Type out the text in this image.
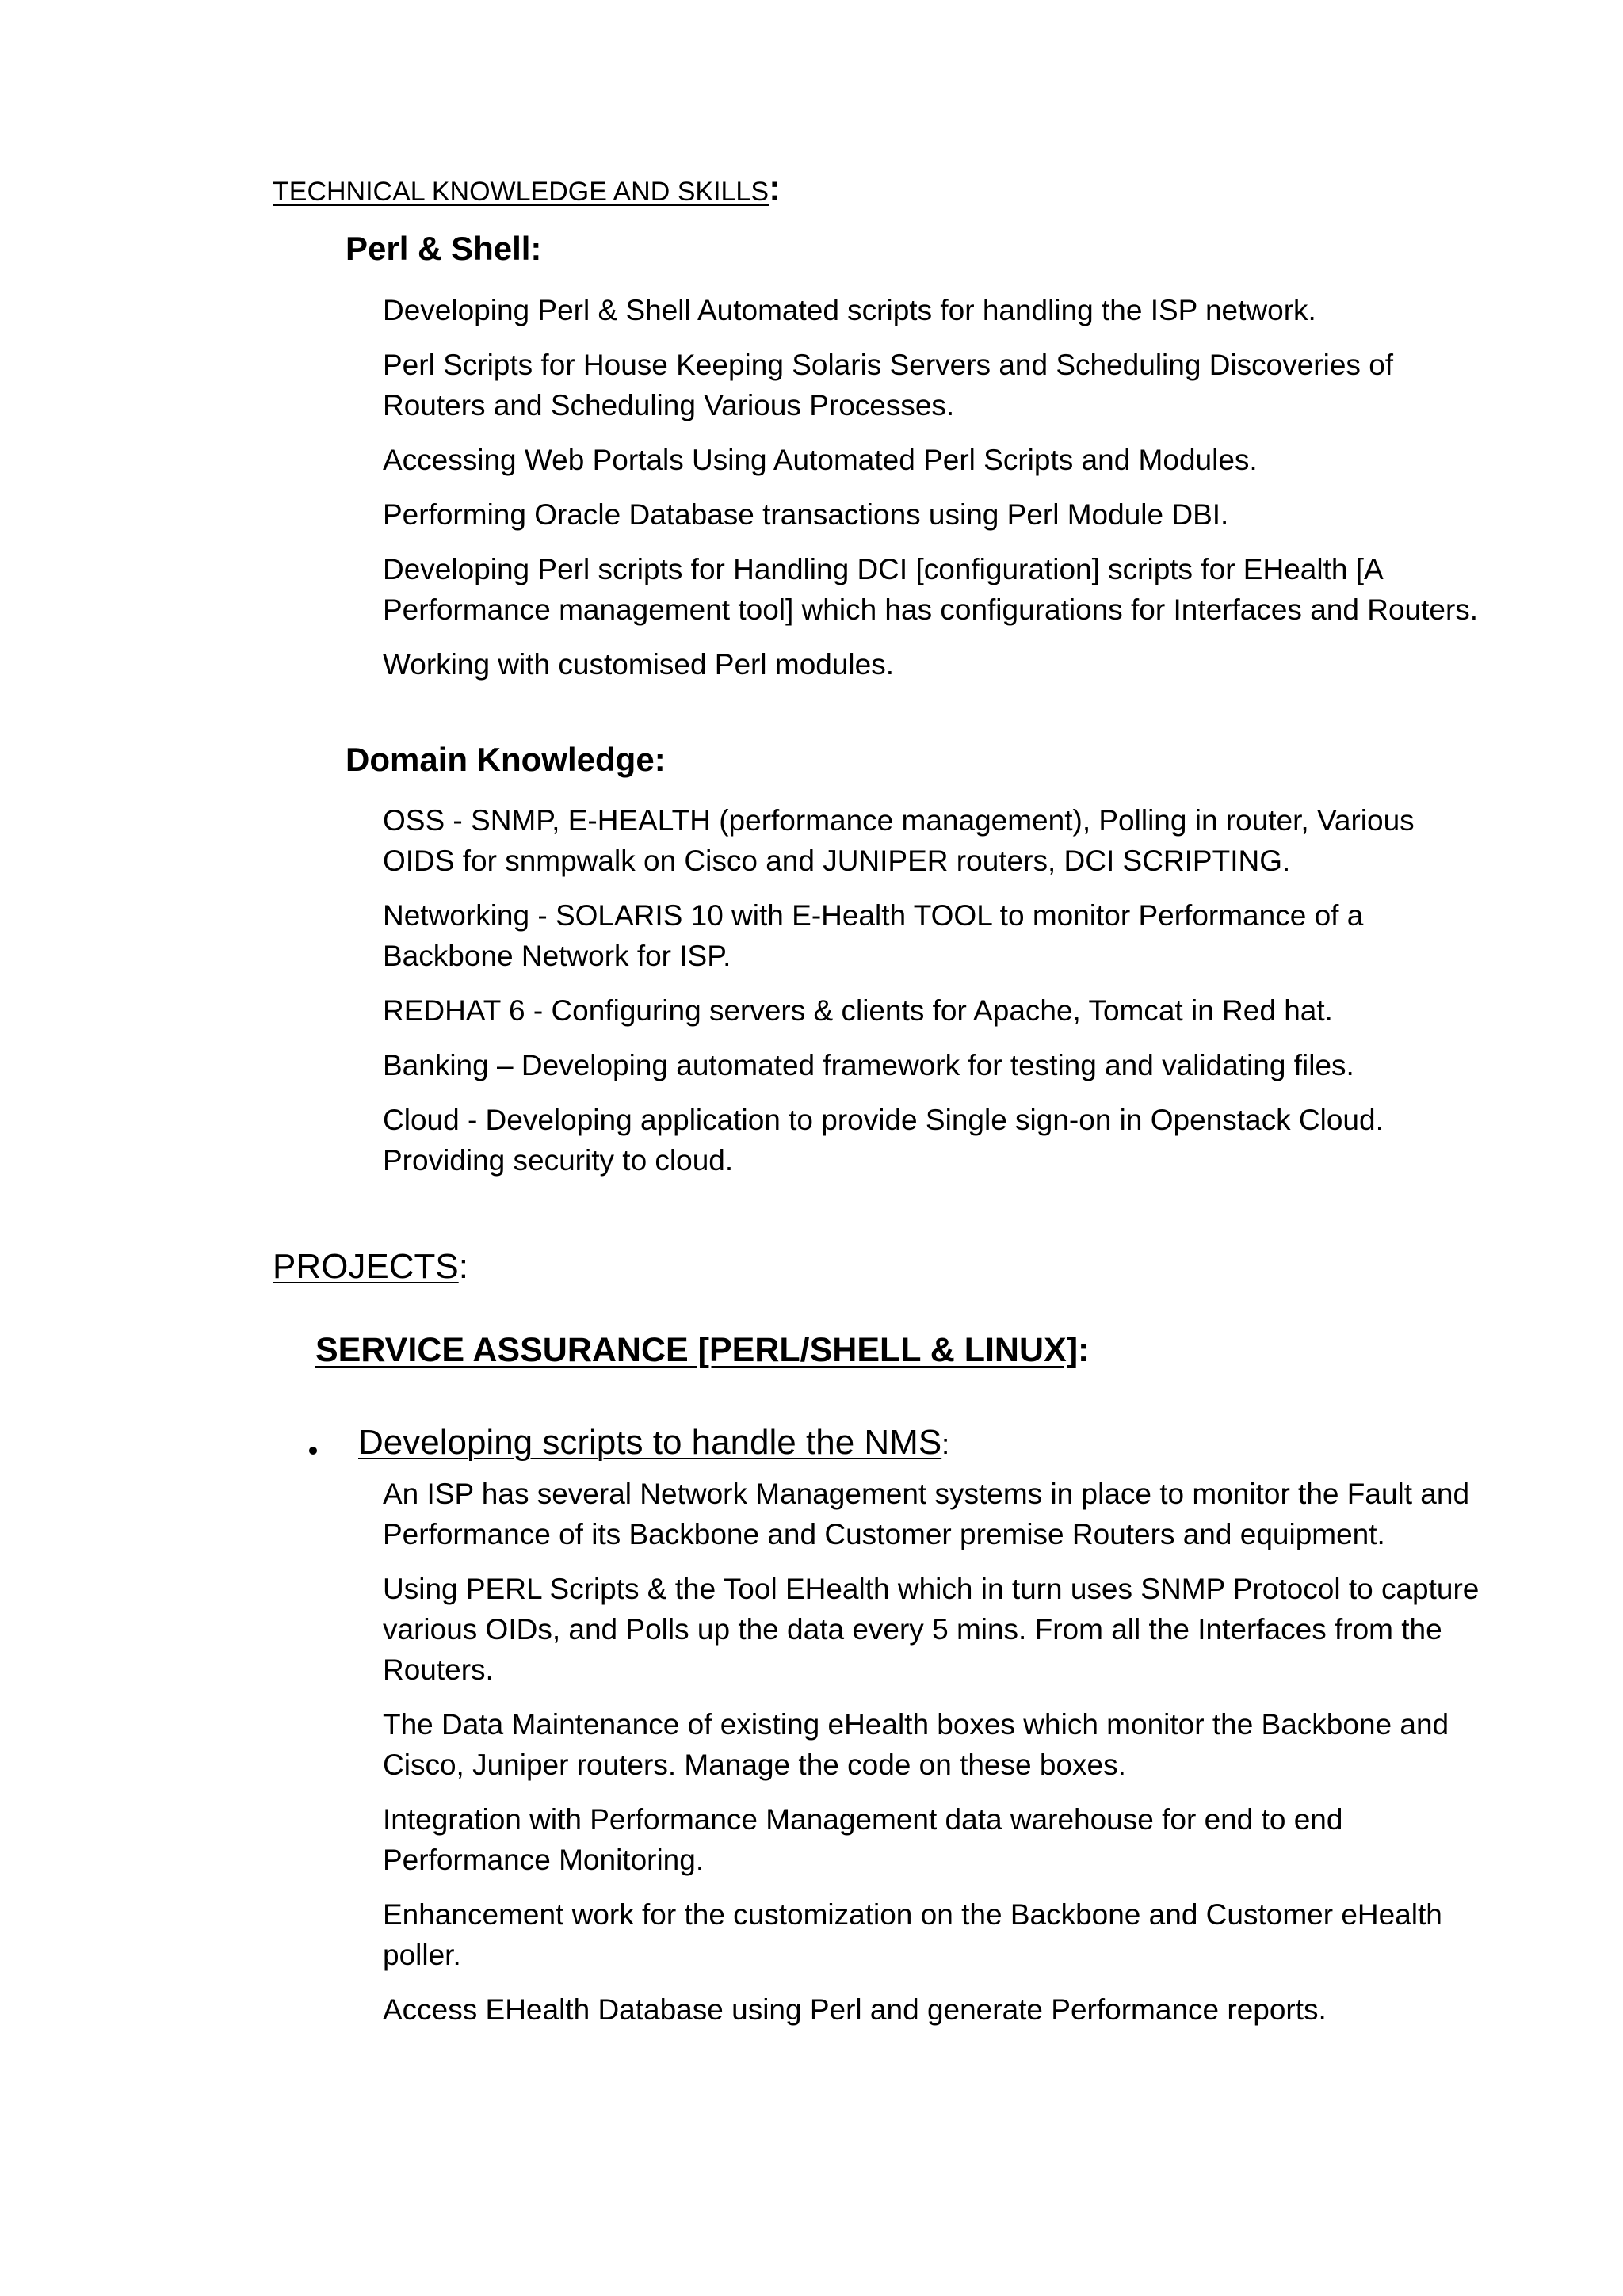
TECHNICAL KNOWLEDGE AND SKILLS:
Perl & Shell:

Developing Perl & Shell Automated scripts for handling the ISP network.

Perl Scripts for House Keeping Solaris Servers and Scheduling Discoveries of Routers and Scheduling Various Processes.

Accessing Web Portals Using Automated Perl Scripts and Modules.

Performing Oracle Database transactions using Perl Module DBI.

Developing Perl scripts for Handling DCI [configuration] scripts for EHealth [A Performance management tool] which has configurations for Interfaces and Routers.

Working with customised Perl modules.

Domain Knowledge:

OSS - SNMP, E-HEALTH (performance management), Polling in router, Various OIDS for snmpwalk on Cisco and JUNIPER routers, DCI SCRIPTING.

Networking - SOLARIS 10 with E-Health TOOL to monitor Performance of a Backbone Network for ISP.

REDHAT 6 - Configuring servers & clients for Apache, Tomcat in Red hat.

Banking – Developing automated framework for testing and validating files.

Cloud - Developing application to provide Single sign-on in Openstack Cloud. Providing security to cloud.

PROJECTS:
SERVICE ASSURANCE [PERL/SHELL & LINUX]:
Developing scripts to handle the NMS:

An ISP has several Network Management systems in place to monitor the Fault and Performance of its Backbone and Customer premise Routers and equipment.

Using PERL Scripts & the Tool EHealth which in turn uses SNMP Protocol to capture various OIDs, and Polls up the data every 5 mins. From all the Interfaces from the Routers.

The Data Maintenance of existing eHealth boxes which monitor the Backbone and Cisco, Juniper routers. Manage the code on these boxes.

Integration with Performance Management data warehouse for end to end Performance Monitoring.

Enhancement work for the customization on the Backbone and Customer eHealth poller.

Access EHealth Database using Perl and generate Performance reports.
